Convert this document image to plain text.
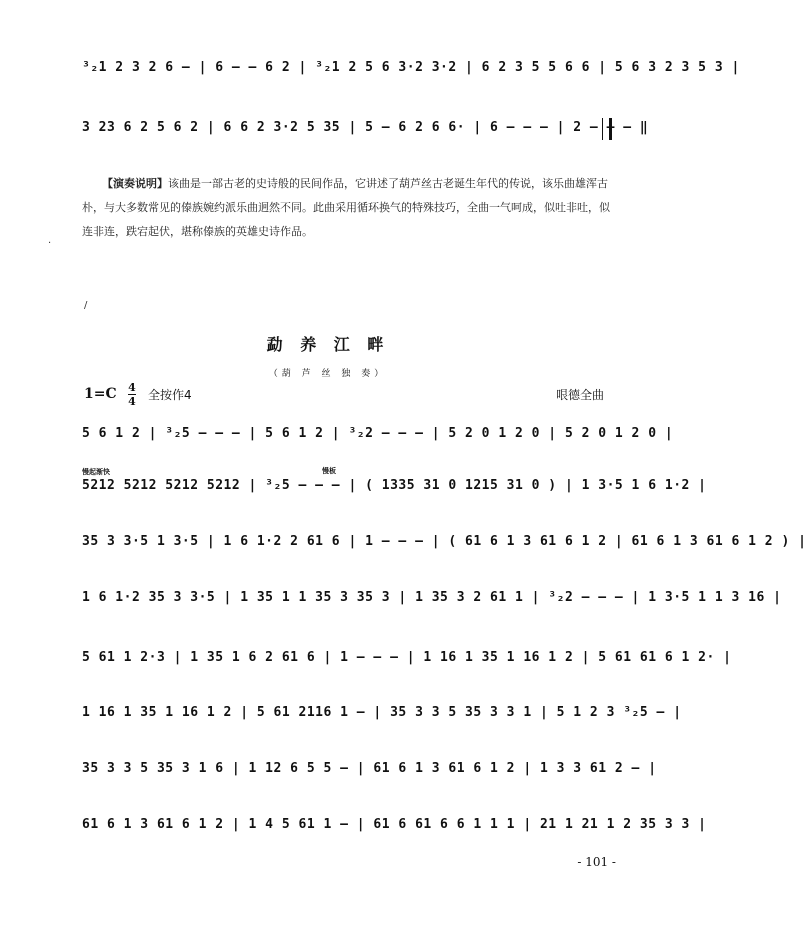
³₂1 2 3 2 6 – | 6 – – 6 2 | ³₂1 2 5 6 3·2 3·2 | 6 2 3 5 5 6 6 | 5 6 3 2 3 5 3 |
3 23 6 2 5 6 2 | 6 6 2 3·2 5 35 | 5 – 6 2 6 6· | 6 – – – | 2 – – – ‖
【演奏说明】该曲是一部古老的史诗般的民间作品，它讲述了葫芦丝古老诞生年代的传说，该乐曲雄浑古朴，与大多数常见的傣族婉约派乐曲迥然不同。此曲采用循环换气的特殊技巧，全曲一气呵成，似吐非吐，似连非连，跌宕起伏，堪称傣族的英雄史诗作品。
·
/
勐 养 江 畔
（葫 芦 丝 独 奏）
1=C 4
4 全按作4	哏德全曲
慢起渐快	慢板
5 6 1 2 | ³₂5 – – – | 5 6 1 2 | ³₂2 – – – | 5 2 0 1 2 0 | 5 2 0 1 2 0 |
5212 5212 5212 5212 | ³₂5 – – – | ( 1335 31 0 1215 31 0 ) | 1 3·5 1 6 1·2 |
35 3 3·5 1 3·5 | 1 6 1·2 2 61 6 | 1 – – – | ( 61 6 1 3 61 6 1 2 | 61 6 1 3 61 6 1 2 ) |
1 6 1·2 35 3 3·5 | 1 35 1 1 35 3 35 3 | 1 35 3 2 61 1 | ³₂2 – – – | 1 3·5 1 1 3 16 |
5 61 1 2·3 | 1 35 1 6 2 61 6 | 1 – – – | 1 16 1 35 1 16 1 2 | 5 61 61 6 1 2· |
1 16 1 35 1 16 1 2 | 5 61 2116 1 – | 35 3 3 5 35 3 3 1 | 5 1 2 3 ³₂5 – |
35 3 3 5 35 3 1 6 | 1 12 6 5 5 – | 61 6 1 3 61 6 1 2 | 1 3 3 61 2 – |
61 6 1 3 61 6 1 2 | 1 4 5 61 1 – | 61 6 61 6 6 1 1 1 | 21 1 21 1 2 35 3 3 |
- 101 -
